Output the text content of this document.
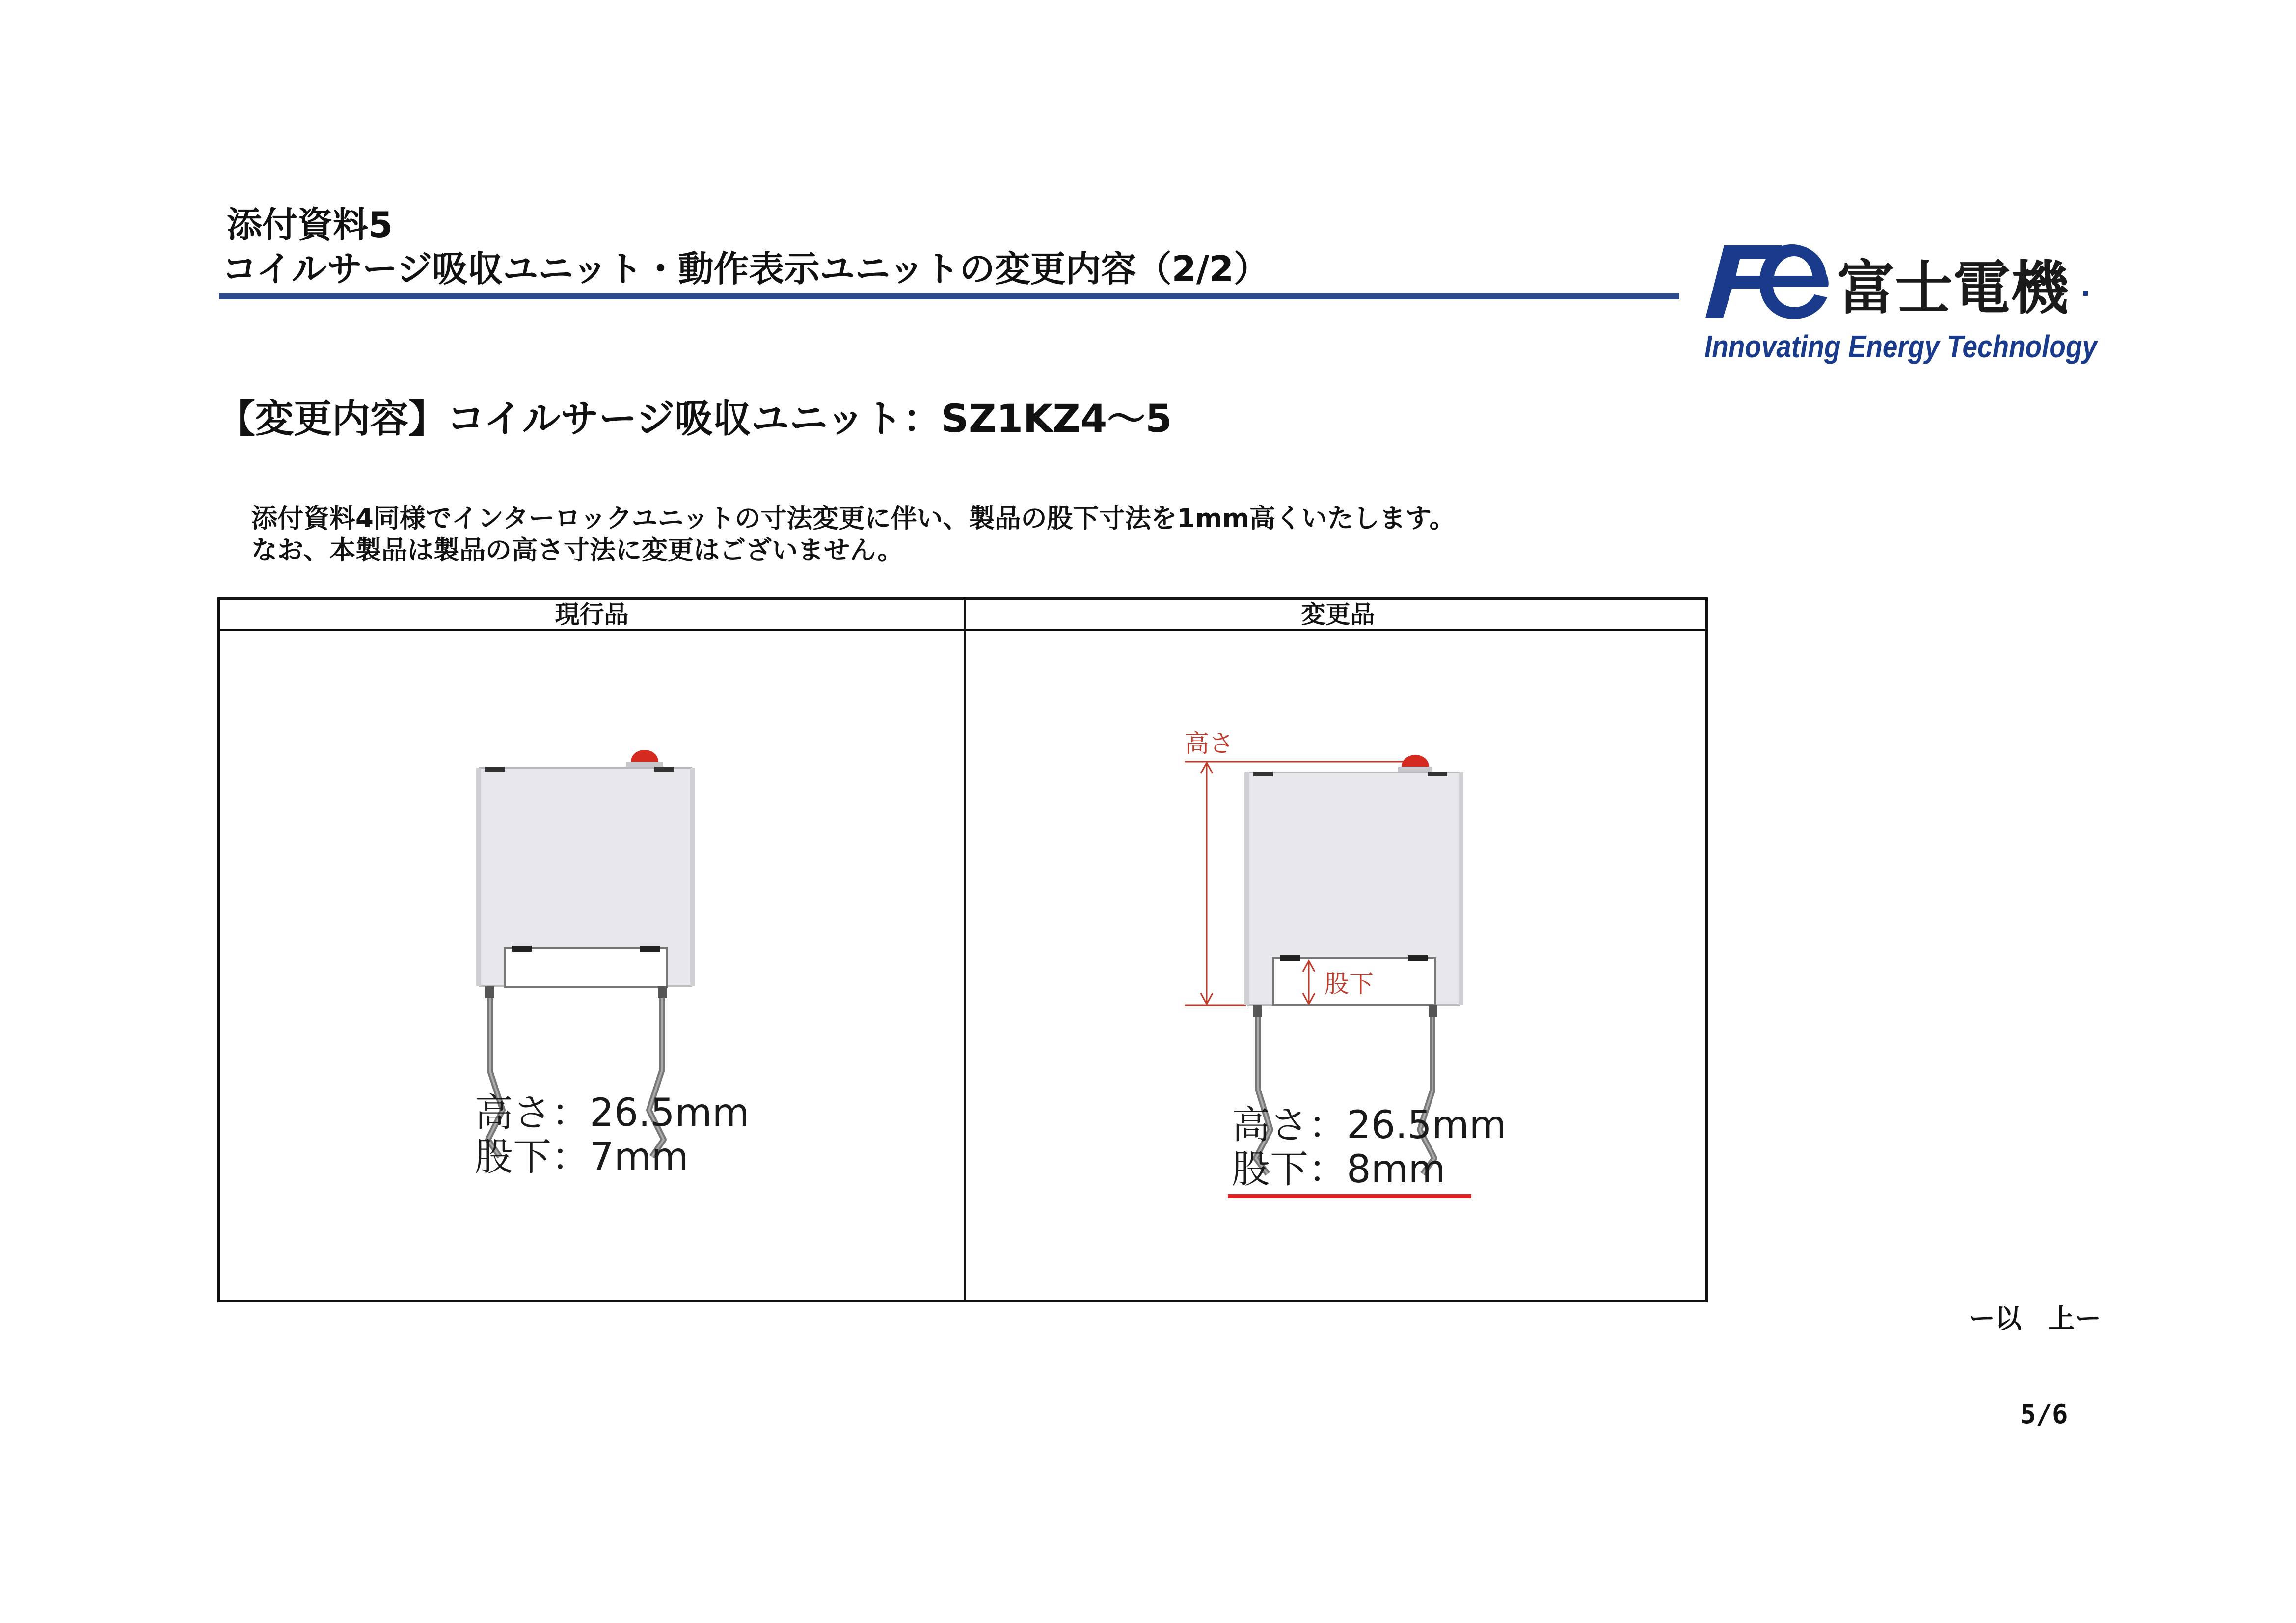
添付資料5
コイルサージ吸収ユニット・動作表示ユニットの変更内容（2/2）	富士電機
Innovating Energy Technology
【変更内容】コイルサージ吸収ユニット：SZ1KZ4～5
添付資料4同様でインターロックユニットの寸法変更に伴い、製品の股下寸法を1mm高くいたします。
なお、本製品は製品の高さ寸法に変更はございません。
現行品	変更品
高さ：26.5mm
股下：7mm
高さ
股下
高さ：26.5mm
股下：8mm
ー以　上ー
5/6
